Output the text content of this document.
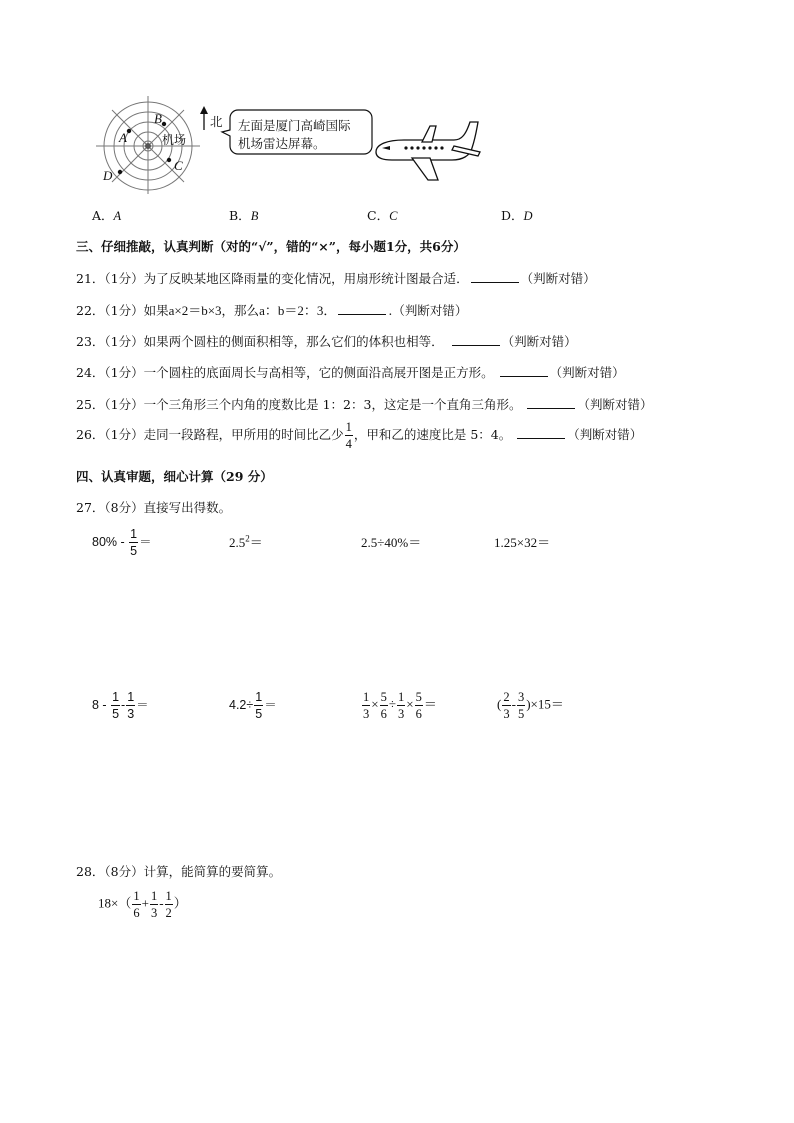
A
B
C
D
机场
北 左面是厦门高崎国际
机场雷达屏幕。
A．A	B．B	C．C	D．D
三、仔细推敲，认真判断（对的“√”，错的“×”，每小题1分，共6分）
21．（1分）为了反映某地区降雨量的变化情况，用扇形统计图最合适．	（判断对错）
22．（1分）如果a×2＝b×3，那么a：b＝2：3．	.（判断对错）
23．（1分）如果两个圆柱的侧面积相等，那么它们的体积也相等．	（判断对错）
24．（1分）一个圆柱的底面周长与高相等，它的侧面沿高展开图是正方形。	（判断对错）
25．（1分）一个三角形三个内角的度数比是 1：2：3，这定是一个直角三角形。	（判断对错）
26．（1分）走同一段路程，甲所用的时间比乙少 $\frac{1}{4}$ ，甲和乙的速度比是 5：4。	（判断对错）
四、认真审题，细心计算（29 分）
27．（8分）直接写出得数。
$80\% - \frac{1}{5}$ ＝	$2.5^2=$	2.5÷40%＝	1.25×32＝
$8 - \frac{1}{5} - \frac{1}{3}$ ＝	$4.2\div \frac{1}{5}$ ＝	$\frac{1}{3} \times \frac{5}{6} \div \frac{1}{3} \times \frac{5}{6}$ ＝	( $\frac{2}{3} - \frac{3}{5} )\times 15=$
28．（8分）计算，能简算的要简算。
$18\times( \frac{1}{6} + \frac{1}{3} - \frac{1}{2}$ ）
